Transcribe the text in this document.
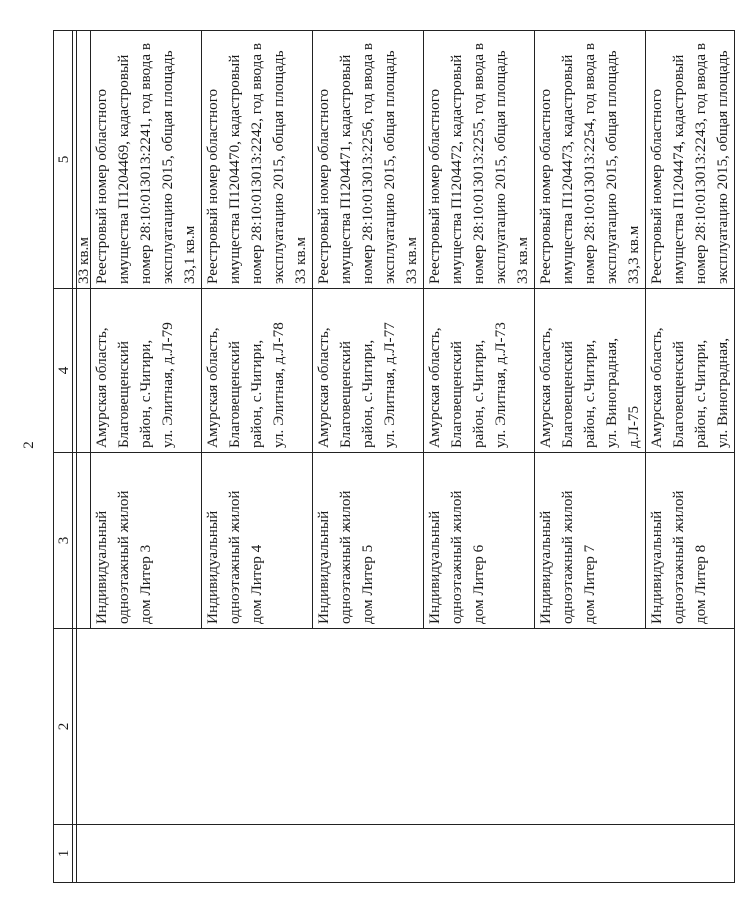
2
1	2	3	4	5

				33 кв.м

		Индивидуальный
одноэтажный жилой
дом Литер 3	Амурская область,
Благовещенский
район, с.Чигири,
ул. Элитная, д.Л-79	Реестровый номер областного
имущества П1204469, кадастровый
номер 28:10:013013:2241, год ввода в
эксплуатацию 2015, общая площадь
33,1 кв.м

		Индивидуальный
одноэтажный жилой
дом Литер 4	Амурская область,
Благовещенский
район, с.Чигири,
ул. Элитная, д.Л-78	Реестровый номер областного
имущества П1204470, кадастровый
номер 28:10:013013:2242, год ввода в
эксплуатацию 2015, общая площадь
33 кв.м

		Индивидуальный
одноэтажный жилой
дом Литер 5	Амурская область,
Благовещенский
район, с.Чигири,
ул. Элитная, д.Л-77	Реестровый номер областного
имущества П1204471, кадастровый
номер 28:10:013013:2256, год ввода в
эксплуатацию 2015, общая площадь
33 кв.м

		Индивидуальный
одноэтажный жилой
дом Литер 6	Амурская область,
Благовещенский
район, с.Чигири,
ул. Элитная, д.Л-73	Реестровый номер областного
имущества П1204472, кадастровый
номер 28:10:013013:2255, год ввода в
эксплуатацию 2015, общая площадь
33 кв.м

		Индивидуальный
одноэтажный жилой
дом Литер 7	Амурская область,
Благовещенский
район, с.Чигири,
ул. Виноградная,
д.Л-75	Реестровый номер областного
имущества П1204473, кадастровый
номер 28:10:013013:2254, год ввода в
эксплуатацию 2015, общая площадь
33,3 кв.м

		Индивидуальный
одноэтажный жилой
дом Литер 8	Амурская область,
Благовещенский
район, с.Чигири,
ул. Виноградная,	Реестровый номер областного
имущества П1204474, кадастровый
номер 28:10:013013:2243, год ввода в
эксплуатацию 2015, общая площадь
